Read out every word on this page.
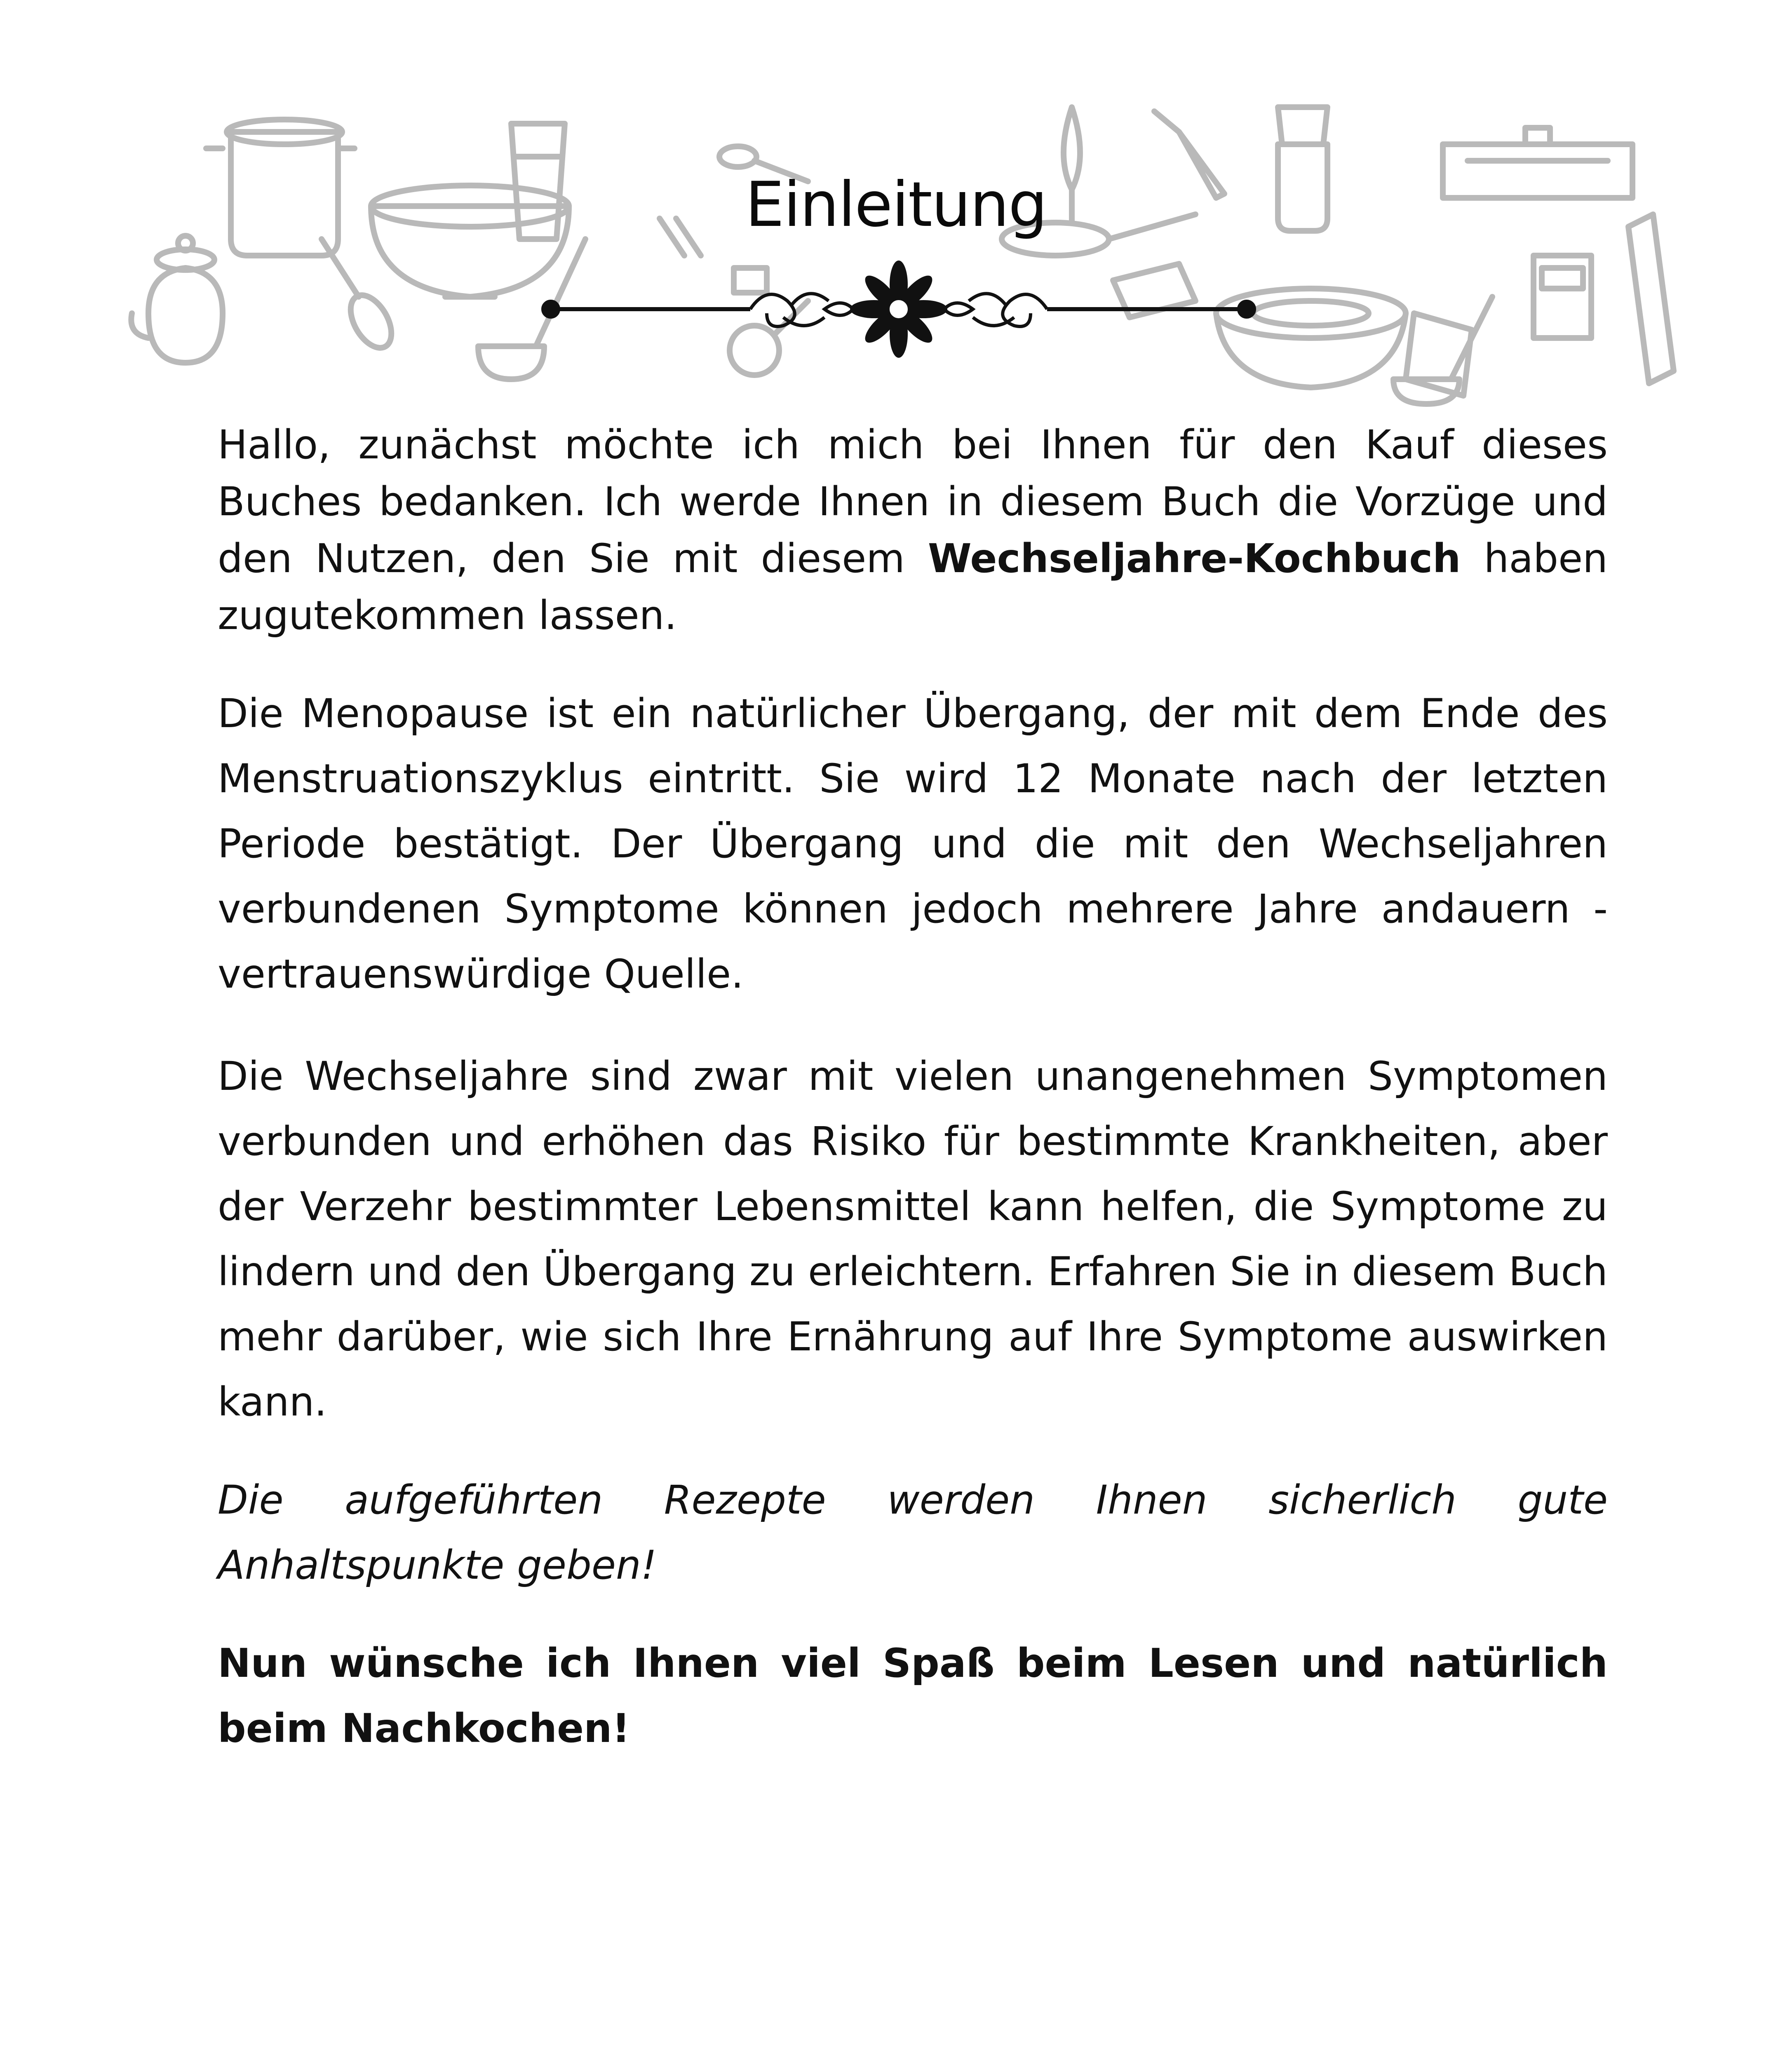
Einleitung

Hallo, zunächst möchte ich mich bei Ihnen für den Kauf dieses Buches bedanken. Ich werde Ihnen in diesem Buch die Vorzüge und den Nutzen, den Sie mit diesem Wechseljahre-Kochbuch haben zugutekommen lassen.

Die Menopause ist ein natürlicher Übergang, der mit dem Ende des Menstruationszyklus eintritt. Sie wird 12 Monate nach der letzten Periode bestätigt. Der Übergang und die mit den Wechseljahren verbundenen Symptome können jedoch mehrere Jahre andauern - vertrauenswürdige Quelle.

Die Wechseljahre sind zwar mit vielen unangenehmen Symptomen verbunden und erhöhen das Risiko für bestimmte Krankheiten, aber der Verzehr bestimmter Lebensmittel kann helfen, die Symptome zu lindern und den Übergang zu erleichtern. Erfahren Sie in diesem Buch mehr darüber, wie sich Ihre Ernährung auf Ihre Symptome auswirken kann.

Die aufgeführten Rezepte werden Ihnen sicherlich gute Anhaltspunkte geben!

Nun wünsche ich Ihnen viel Spaß beim Lesen und natürlich beim Nachkochen!
